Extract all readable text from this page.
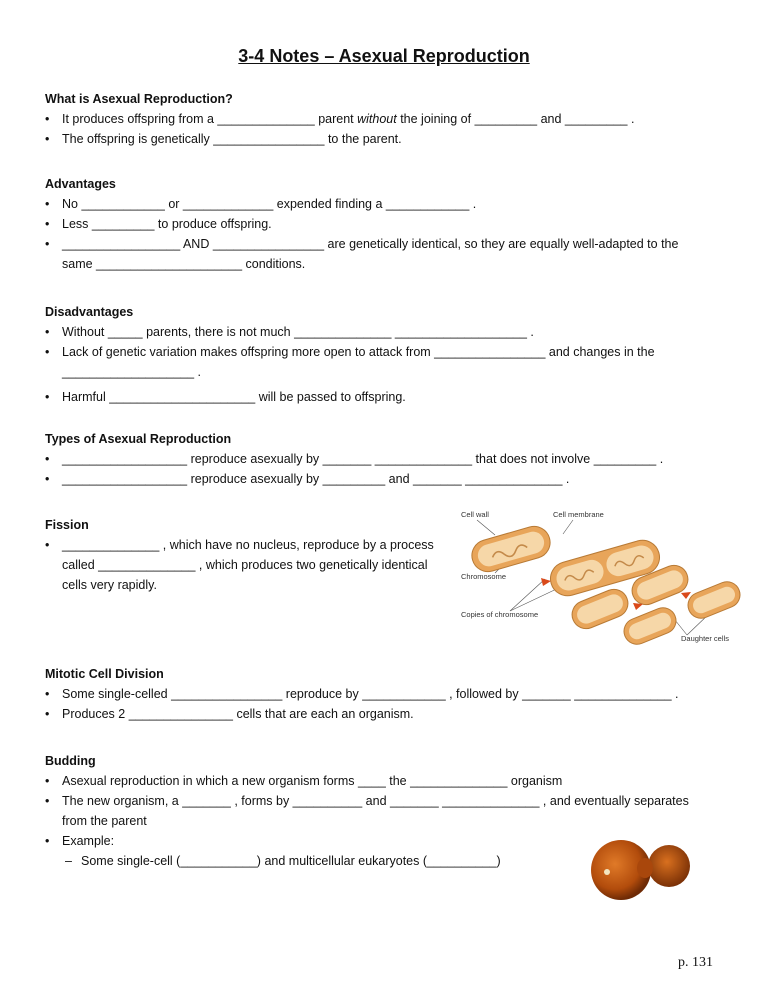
3-4 Notes – Asexual Reproduction
What is Asexual Reproduction?
• It produces offspring from a ______________ parent without the joining of _________ and _________ .
• The offspring is genetically ________________ to the parent.
Advantages
• No ____________ or _____________ expended finding a ____________ .
• Less _________ to produce offspring.
• _________________ AND ________________ are genetically identical, so they are equally well-adapted to the
same _____________________ conditions.
Disadvantages
• Without _____ parents, there is not much ______________ ___________________ .
• Lack of genetic variation makes offspring more open to attack from ________________ and changes in the
___________________ .
• Harmful _____________________ will be passed to offspring.
Types of Asexual Reproduction
• __________________ reproduce asexually by _______ ______________ that does not involve _________ .
• __________________ reproduce asexually by _________ and _______ ______________ .
Fission
• ______________ , which have no nucleus, reproduce by a process
called ______________ , which produces two genetically identical
cells very rapidly.
Cell wall	Cell membrane
Chromosome
Copies of chromosome
Daughter cells
Mitotic Cell Division
• Some single-celled ________________ reproduce by ____________ , followed by _______ ______________ .
• Produces 2 _______________ cells that are each an organism.
Budding
• Asexual reproduction in which a new organism forms ____ the ______________ organism
• The new organism, a _______ , forms by __________ and _______ ______________ , and eventually separates
from the parent
• Example:
– Some single-cell (___________) and multicellular eukaryotes (__________)
p. 131
